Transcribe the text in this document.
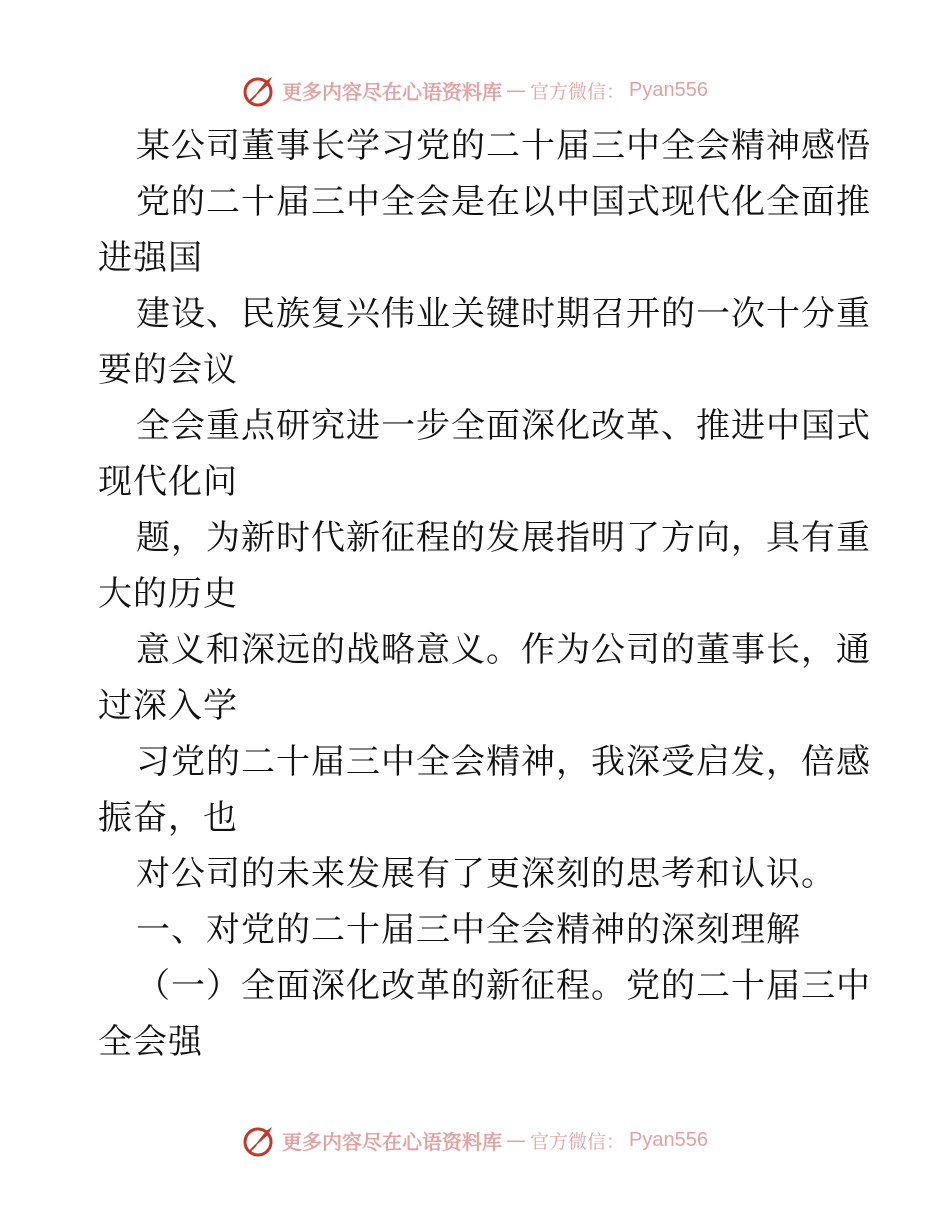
更多内容尽在心语资料库 — 官方微信： Pyan556
某公司董事长学习党的二十届三中全会精神感悟
党的二十届三中全会是在以中国式现代化全面推
进强国
建设、民族复兴伟业关键时期召开的一次十分重
要的会议
全会重点研究进一步全面深化改革、推进中国式
现代化问
题，为新时代新征程的发展指明了方向，具有重
大的历史
意义和深远的战略意义。作为公司的董事长，通
过深入学
习党的二十届三中全会精神，我深受启发，倍感
振奋，也
对公司的未来发展有了更深刻的思考和认识。
一、对党的二十届三中全会精神的深刻理解
（一）全面深化改革的新征程。党的二十届三中
全会强
更多内容尽在心语资料库 — 官方微信： Pyan556
